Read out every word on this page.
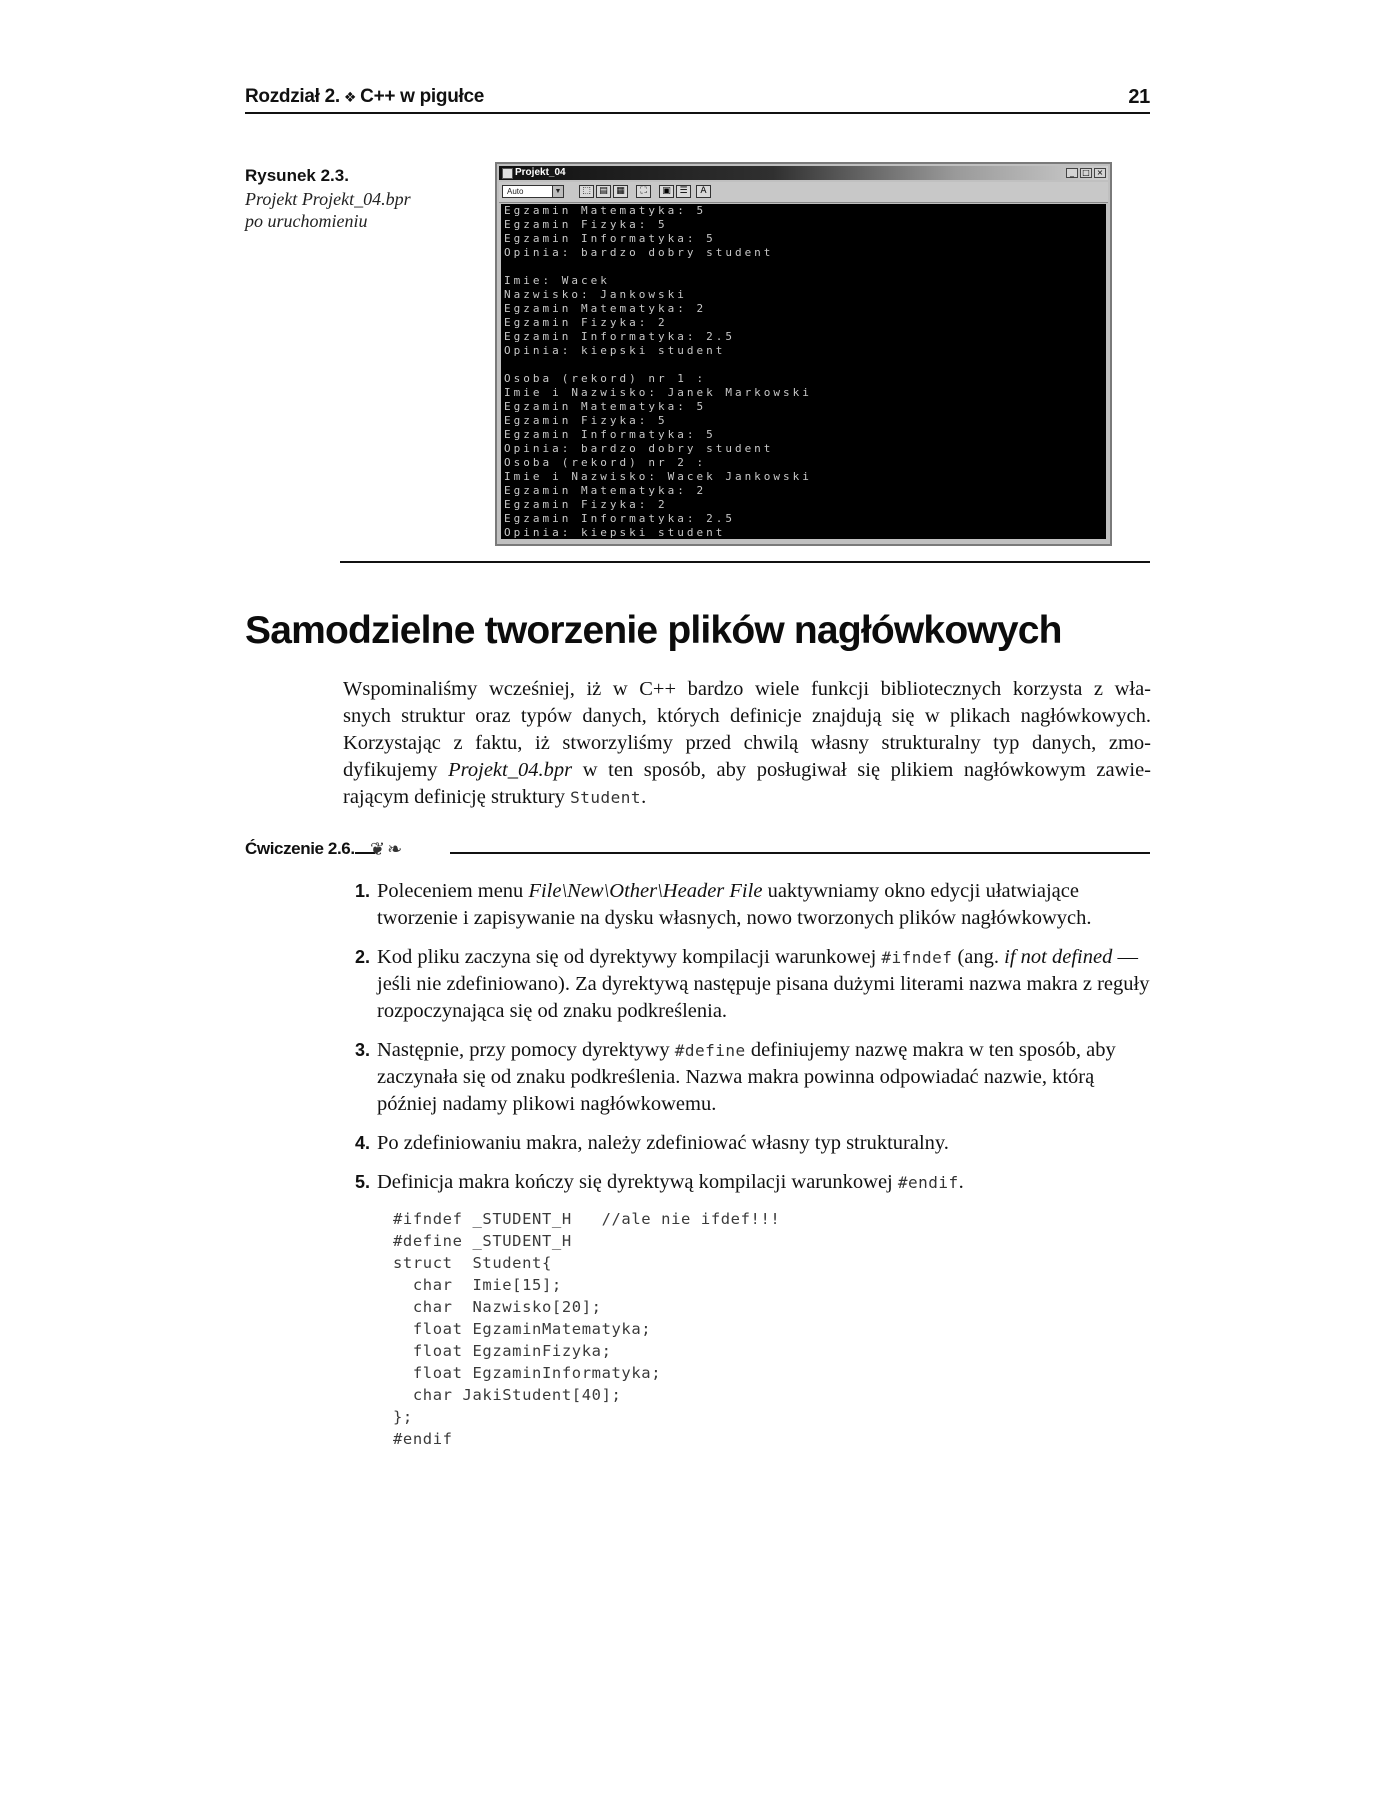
Rozdział 2. ❖ C++ w pigułce	21
Rysunek 2.3.
Projekt Projekt_04.bpr
po uruchomieniu
Projekt_04	_	□ ×
Auto	▼	⬚ ▤ ▦	⛶	▣ ☰	A
Egzamin Matematyka: 5
Egzamin Fizyka: 5
Egzamin Informatyka: 5
Opinia: bardzo dobry student
Imie: Wacek
Nazwisko: Jankowski
Egzamin Matematyka: 2
Egzamin Fizyka: 2
Egzamin Informatyka: 2.5
Opinia: kiepski student
Osoba (rekord) nr 1 :
Imie i Nazwisko: Janek Markowski
Egzamin Matematyka: 5
Egzamin Fizyka: 5
Egzamin Informatyka: 5
Opinia: bardzo dobry student
Osoba (rekord) nr 2 :
Imie i Nazwisko: Wacek Jankowski
Egzamin Matematyka: 2
Egzamin Fizyka: 2
Egzamin Informatyka: 2.5
Opinia: kiepski student
Samodzielne tworzenie plików nagłówkowych

Wspominaliśmy wcześniej, iż w C++ bardzo wiele funkcji bibliotecznych korzysta z wła-
snych struktur oraz typów danych, których definicje znajdują się w plikach nagłówkowych.
Korzystając z faktu, iż stworzyliśmy przed chwilą własny strukturalny typ danych, zmo-
dyfikujemy Projekt_04.bpr w ten sposób, aby posługiwał się plikiem nagłówkowym zawie-
rającym definicję struktury Student.

Ćwiczenie 2.6. ❦❧
1. Poleceniem menu File\New\Other\Header File uaktywniamy okno edycji ułatwiające tworzenie i zapisywanie na dysku własnych, nowo tworzonych plików nagłówkowych.
2. Kod pliku zaczyna się od dyrektywy kompilacji warunkowej #ifndef (ang. if not defined — jeśli nie zdefiniowano). Za dyrektywą następuje pisana dużymi literami nazwa makra z reguły rozpoczynająca się od znaku podkreślenia.
3. Następnie, przy pomocy dyrektywy #define definiujemy nazwę makra w ten sposób, aby zaczynała się od znaku podkreślenia. Nazwa makra powinna odpowiadać nazwie, którą później nadamy plikowi nagłówkowemu.
4. Po zdefiniowaniu makra, należy zdefiniować własny typ strukturalny.
5. Definicja makra kończy się dyrektywą kompilacji warunkowej #endif.
#ifndef _STUDENT_H   //ale nie ifdef!!!
#define _STUDENT_H
struct  Student{
char  Imie[15];
char  Nazwisko[20];
float EgzaminMatematyka;
float EgzaminFizyka;
float EgzaminInformatyka;
char JakiStudent[40];
};
#endif
